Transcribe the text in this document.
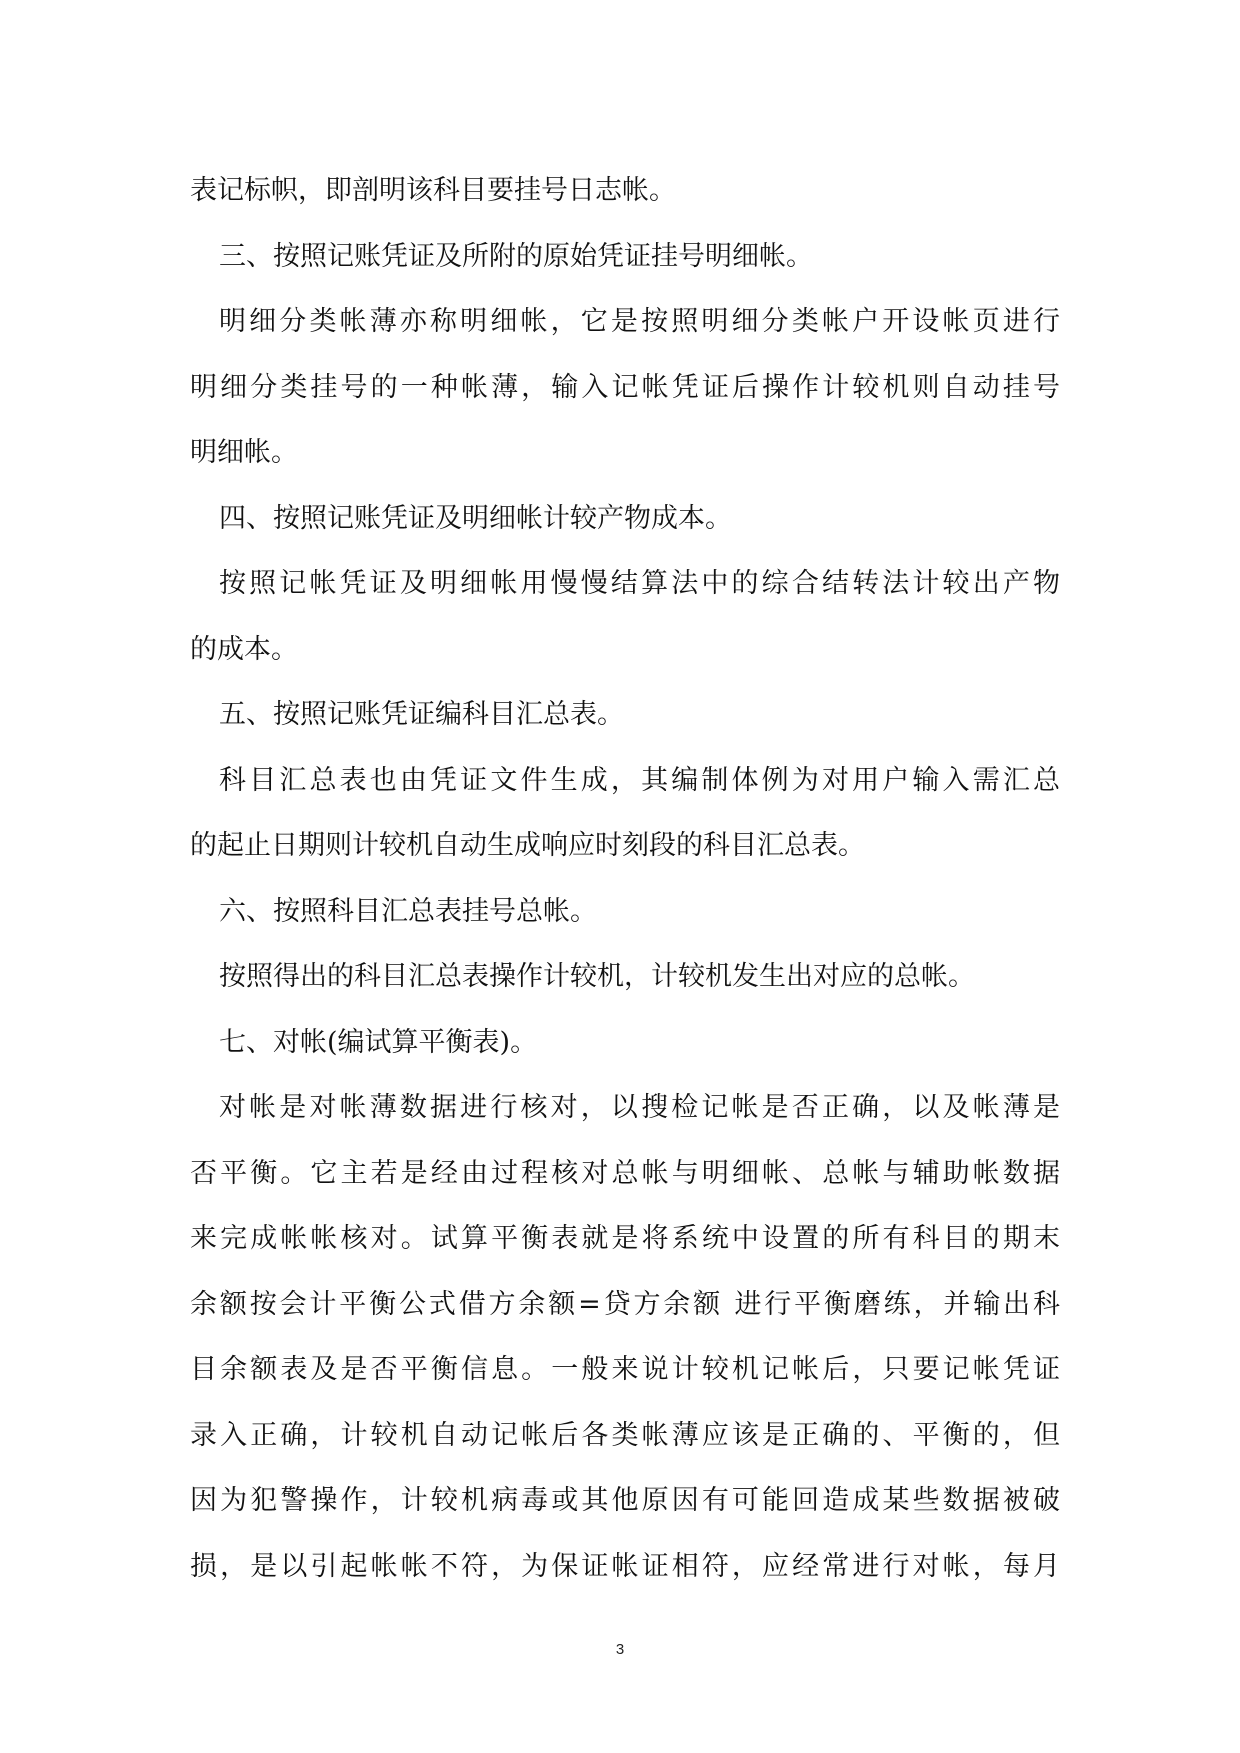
表记标帜，即剖明该科目要挂号日志帐。
三、按照记账凭证及所附的原始凭证挂号明细帐。
明细分类帐薄亦称明细帐，它是按照明细分类帐户开设帐页进行
明细分类挂号的一种帐薄，输入记帐凭证后操作计较机则自动挂号
明细帐。
四、按照记账凭证及明细帐计较产物成本。
按照记帐凭证及明细帐用慢慢结算法中的综合结转法计较出产物
的成本。
五、按照记账凭证编科目汇总表。
科目汇总表也由凭证文件生成，其编制体例为对用户输入需汇总
的起止日期则计较机自动生成响应时刻段的科目汇总表。
六、按照科目汇总表挂号总帐。
按照得出的科目汇总表操作计较机，计较机发生出对应的总帐。
七、对帐(编试算平衡表)。
对帐是对帐薄数据进行核对，以搜检记帐是否正确，以及帐薄是
否平衡。它主若是经由过程核对总帐与明细帐、总帐与辅助帐数据
来完成帐帐核对。试算平衡表就是将系统中设置的所有科目的期末
余额按会计平衡公式借方余额=贷方余额 进行平衡磨练，并输出科
目余额表及是否平衡信息。一般来说计较机记帐后，只要记帐凭证
录入正确，计较机自动记帐后各类帐薄应该是正确的、平衡的，但
因为犯警操作，计较机病毒或其他原因有可能回造成某些数据被破
损，是以引起帐帐不符，为保证帐证相符，应经常进行对帐，每月
3
